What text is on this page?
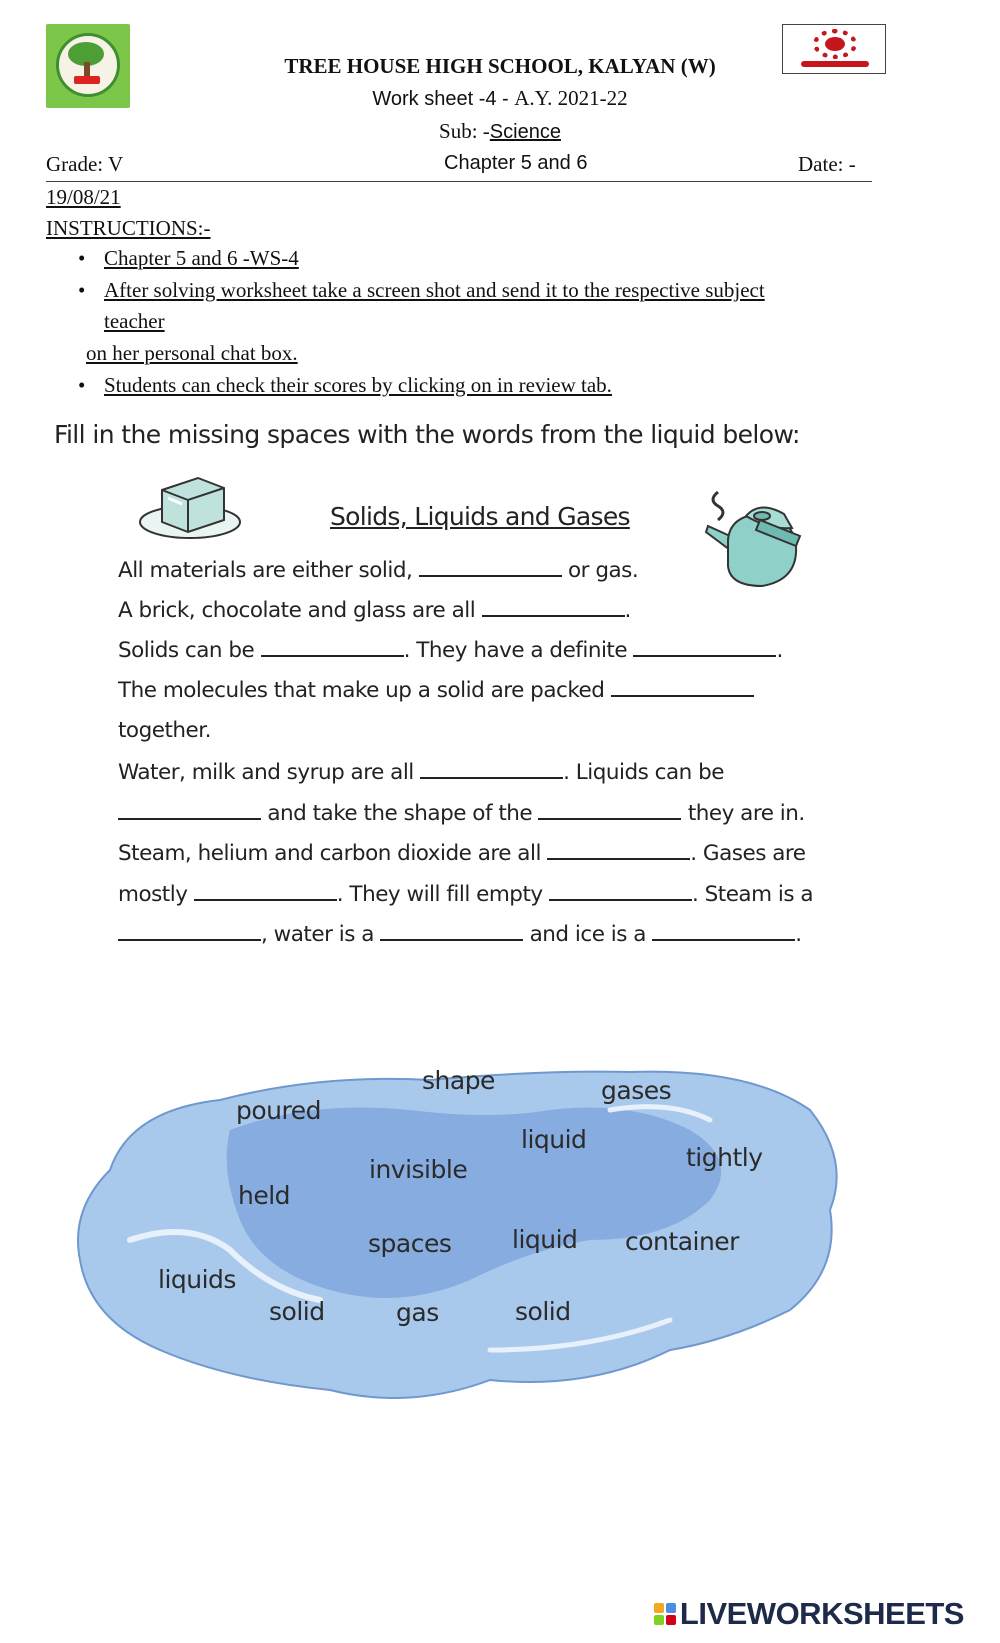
TREE HOUSE HIGH SCHOOL, KALYAN (W)
Work sheet -4 - A.Y. 2021-22
Sub: -Science
Grade: V	Chapter 5 and 6	Date: -
19/08/21
INSTRUCTIONS:-
• Chapter 5 and 6 -WS-4
• After solving worksheet take a screen shot and send it to the respective subject
teacher
on her personal chat box.
• Students can check their scores by clicking on in review tab.
Fill in the missing spaces with the words from the liquid below:
Solids, Liquids and Gases
All materials are either solid,	or gas.
A brick, chocolate and glass are all	.
Solids can be	. They have a definite	.
The molecules that make up a solid are packed
together.
Water, milk and syrup are all	. Liquids can be
and take the shape of the	they are in.
Steam, helium and carbon dioxide are all	. Gases are
mostly	. They will fill empty	. Steam is a
, water is a	and ice is a	.
shape	gases
poured
liquid
tightly
invisible
held
spaces liquid container
liquids
solid	gas	solid
LIVEWORKSHEETS
